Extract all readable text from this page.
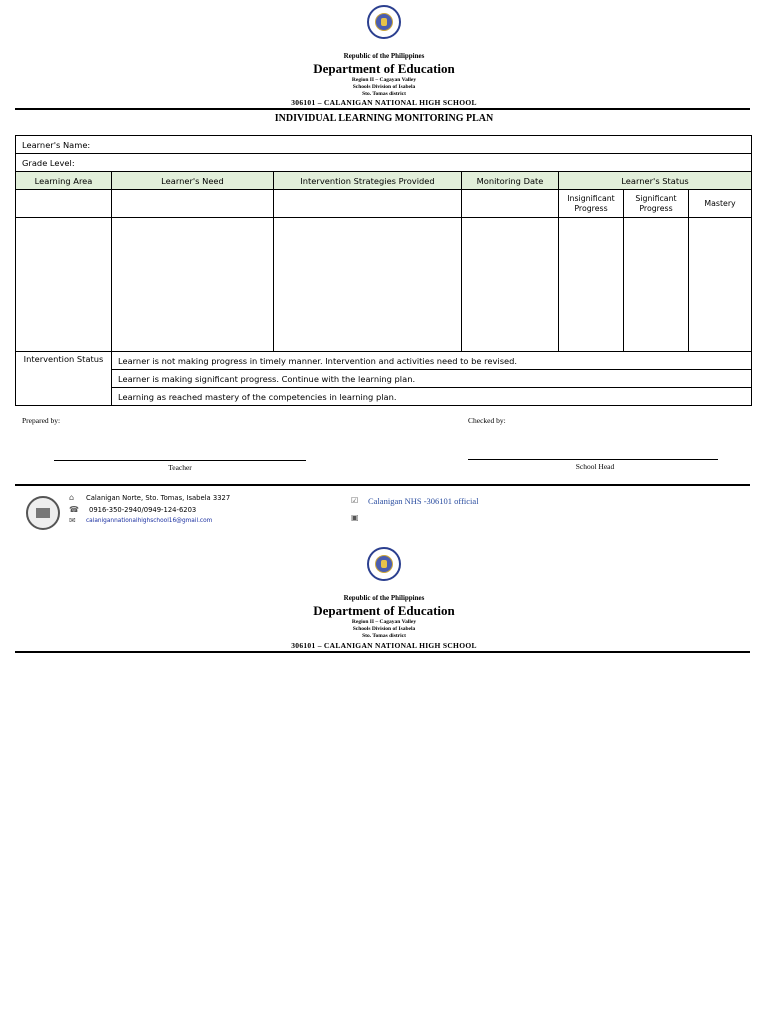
Republic of the Philippines
Department of Education
Region II – Cagayan Valley
Schools Division of Isabela
Sto. Tomas district
306101 – CALANIGAN NATIONAL HIGH SCHOOL
INDIVIDUAL LEARNING MONITORING PLAN
Learner's Name:						
Grade Level:						
Learning Area	Learner's Need	Intervention Strategies Provided	Monitoring Date	Learner's Status		
				Insignificant Progress	Significant Progress	Mastery

Intervention Status	Learner is not making progress in timely manner. Intervention and activities need to be revised.					
	Learner is making significant progress. Continue with the learning plan.					
	Learning as reached mastery of the competencies in learning plan.					
Prepared by:	Checked by:
Teacher	School Head
⌂
☎
✉
Calanigan Norte, Sto. Tomas, Isabela 3327
0916-350-2940/0949-124-6203
calanigannationalhighschool16@gmail.com
☑
▣
Calanigan NHS -306101 official
Republic of the Philippines
Department of Education
Region II – Cagayan Valley
Schools Division of Isabela
Sto. Tomas district
306101 – CALANIGAN NATIONAL HIGH SCHOOL
